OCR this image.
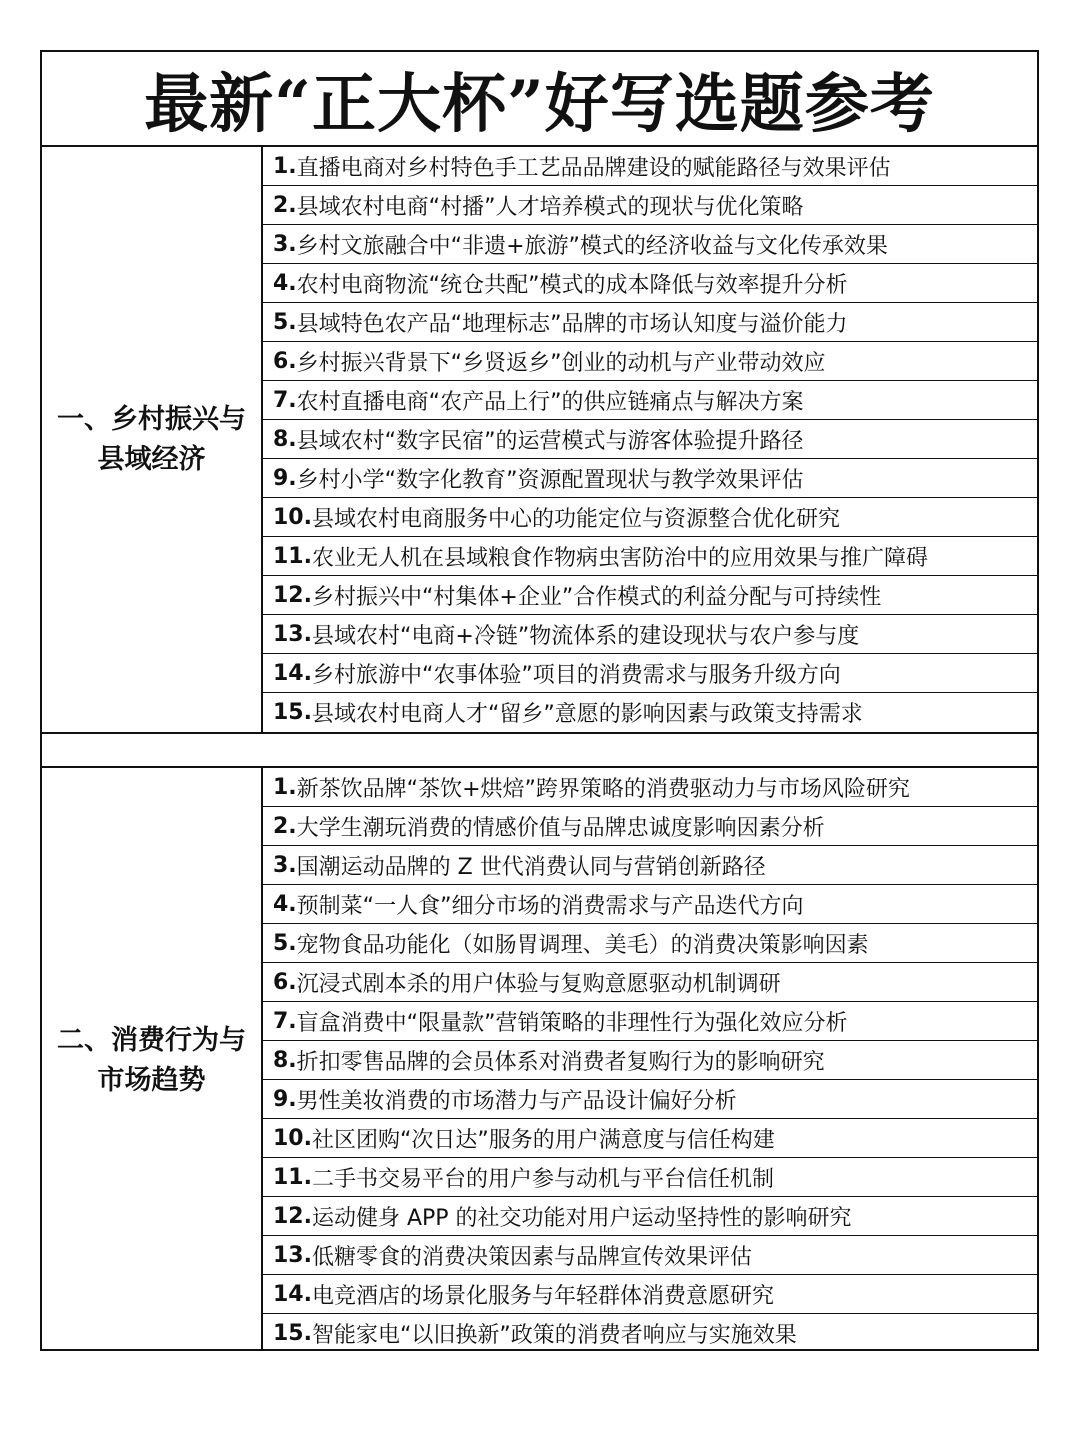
最新“正大杯”好写选题参考
一、乡村振兴与县域经济
1. 直播电商对乡村特色手工艺品品牌建设的赋能路径与效果评估
2. 县域农村电商“村播”人才培养模式的现状与优化策略
3. 乡村文旅融合中“非遗+旅游”模式的经济收益与文化传承效果
4. 农村电商物流“统仓共配”模式的成本降低与效率提升分析
5. 县域特色农产品“地理标志”品牌的市场认知度与溢价能力
6. 乡村振兴背景下“乡贤返乡”创业的动机与产业带动效应
7. 农村直播电商“农产品上行”的供应链痛点与解决方案
8. 县域农村“数字民宿”的运营模式与游客体验提升路径
9. 乡村小学“数字化教育”资源配置现状与教学效果评估
10. 县域农村电商服务中心的功能定位与资源整合优化研究
11. 农业无人机在县域粮食作物病虫害防治中的应用效果与推广障碍
12. 乡村振兴中“村集体+企业”合作模式的利益分配与可持续性
13. 县域农村“电商+冷链”物流体系的建设现状与农户参与度
14. 乡村旅游中“农事体验”项目的消费需求与服务升级方向
15. 县域农村电商人才“留乡”意愿的影响因素与政策支持需求
二、消费行为与市场趋势
1. 新茶饮品牌“茶饮+烘焙”跨界策略的消费驱动力与市场风险研究
2. 大学生潮玩消费的情感价值与品牌忠诚度影响因素分析
3. 国潮运动品牌的 Z 世代消费认同与营销创新路径
4. 预制菜“一人食”细分市场的消费需求与产品迭代方向
5. 宠物食品功能化（如肠胃调理、美毛）的消费决策影响因素
6. 沉浸式剧本杀的用户体验与复购意愿驱动机制调研
7. 盲盒消费中“限量款”营销策略的非理性行为强化效应分析
8. 折扣零售品牌的会员体系对消费者复购行为的影响研究
9. 男性美妆消费的市场潜力与产品设计偏好分析
10. 社区团购“次日达”服务的用户满意度与信任构建
11. 二手书交易平台的用户参与动机与平台信任机制
12. 运动健身 APP 的社交功能对用户运动坚持性的影响研究
13. 低糖零食的消费决策因素与品牌宣传效果评估
14. 电竞酒店的场景化服务与年轻群体消费意愿研究
15. 智能家电“以旧换新”政策的消费者响应与实施效果
